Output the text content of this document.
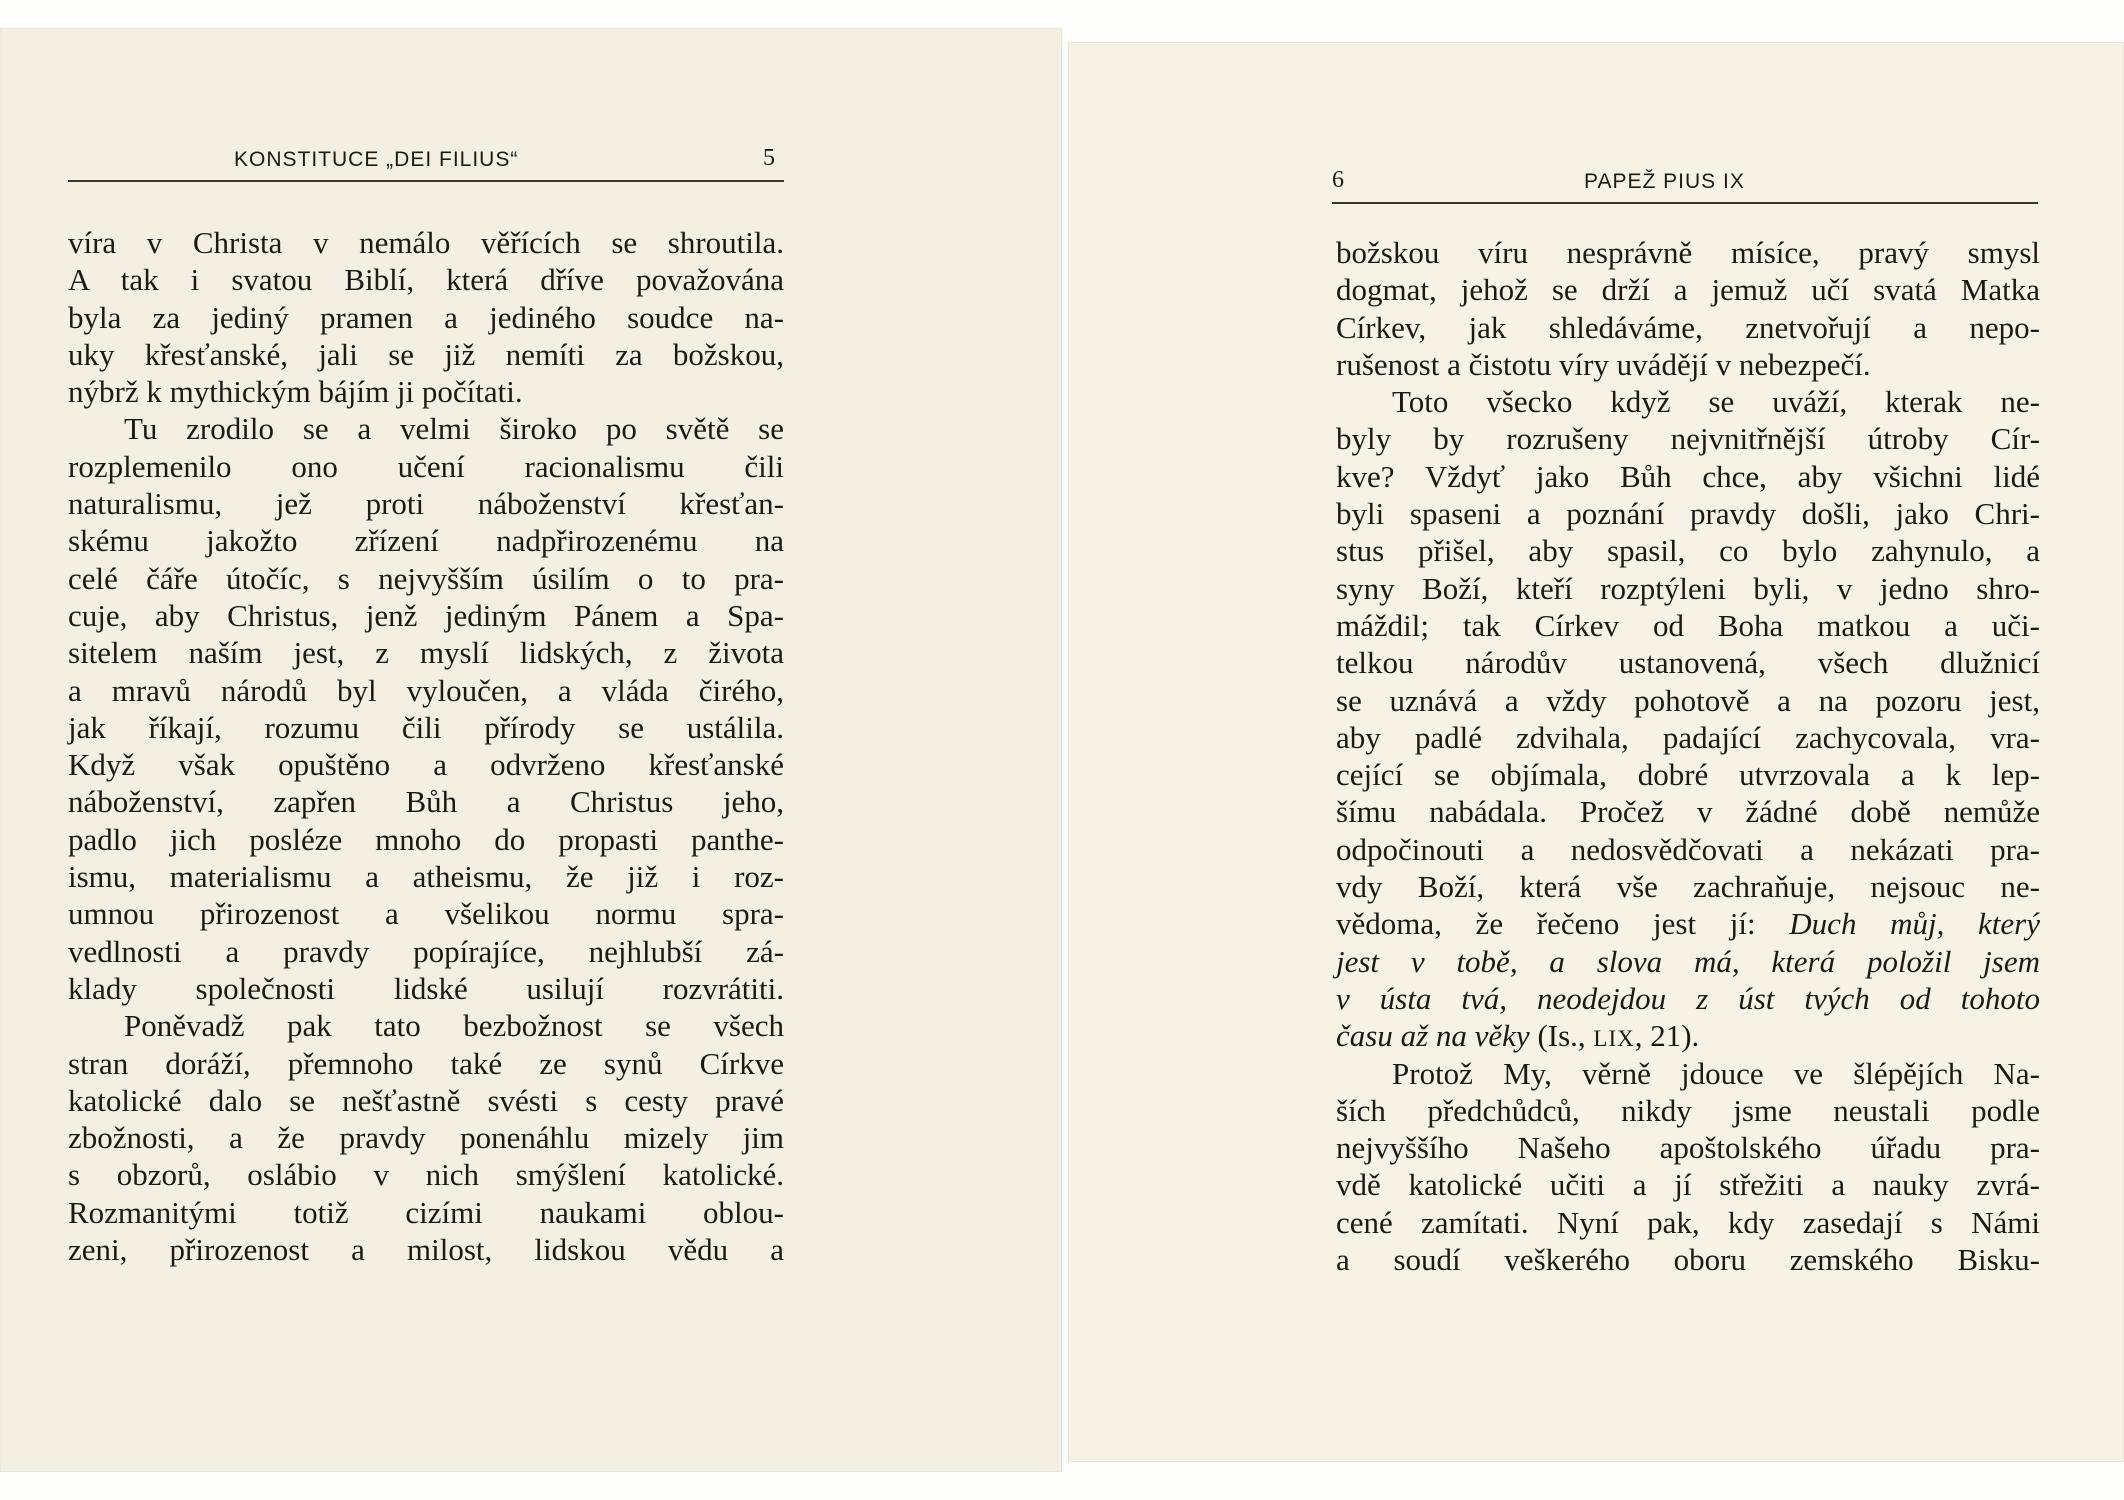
KONSTITUCE „DEI FILIUS“	5
víra v Christa v nemálo věřících se shroutila.
A tak i svatou Biblí, která dříve považována
byla za jediný pramen a jediného soudce na-
uky křesťanské, jali se již nemíti za božskou,
nýbrž k mythickým bájím ji počítati.
Tu zrodilo se a velmi široko po světě se
rozplemenilo ono učení racionalismu čili
naturalismu, jež proti náboženství křesťan-
skému jakožto zřízení nadpřirozenému na
celé čáře útočíc, s nejvyšším úsilím o to pra-
cuje, aby Christus, jenž jediným Pánem a Spa-
sitelem naším jest, z myslí lidských, z života
a mravů národů byl vyloučen, a vláda čirého,
jak říkají, rozumu čili přírody se ustálila.
Když však opuštěno a odvrženo křesťanské
náboženství, zapřen Bůh a Christus jeho,
padlo jich posléze mnoho do propasti panthe-
ismu, materialismu a atheismu, že již i roz-
umnou přirozenost a všelikou normu spra-
vedlnosti a pravdy popírajíce, nejhlubší zá-
klady společnosti lidské usilují rozvrátiti.
Poněvadž pak tato bezbožnost se všech
stran doráží, přemnoho také ze synů Církve
katolické dalo se nešťastně svésti s cesty pravé
zbožnosti, a že pravdy ponenáhlu mizely jim
s obzorů, oslábio v nich smýšlení katolické.
Rozmanitými totiž cizími naukami oblou-
zeni, přirozenost a milost, lidskou vědu a
6	PAPEŽ PIUS IX
božskou víru nesprávně mísíce, pravý smysl
dogmat, jehož se drží a jemuž učí svatá Matka
Církev, jak shledáváme, znetvořují a nepo-
rušenost a čistotu víry uvádějí v nebezpečí.
Toto všecko když se uváží, kterak ne-
byly by rozrušeny nejvnitřnější útroby Cír-
kve? Vždyť jako Bůh chce, aby všichni lidé
byli spaseni a poznání pravdy došli, jako Chri-
stus přišel, aby spasil, co bylo zahynulo, a
syny Boží, kteří rozptýleni byli, v jedno shro-
máždil; tak Církev od Boha matkou a uči-
telkou národův ustanovená, všech dlužnicí
se uznává a vždy pohotově a na pozoru jest,
aby padlé zdvihala, padající zachycovala, vra-
cející se objímala, dobré utvrzovala a k lep-
šímu nabádala. Pročež v žádné době nemůže
odpočinouti a nedosvědčovati a nekázati pra-
vdy Boží, která vše zachraňuje, nejsouc ne-
vědoma, že řečeno jest jí: Duch můj, který
jest v tobě, a slova má, která položil jsem
v ústa tvá, neodejdou z úst tvých od tohoto
času až na věky (Is., LIX, 21).
Protož My, věrně jdouce ve šlépějích Na-
ších předchůdců, nikdy jsme neustali podle
nejvyššího Našeho apoštolského úřadu pra-
vdě katolické učiti a jí střežiti a nauky zvrá-
cené zamítati. Nyní pak, kdy zasedají s Námi
a soudí veškerého oboru zemského Bisku-
